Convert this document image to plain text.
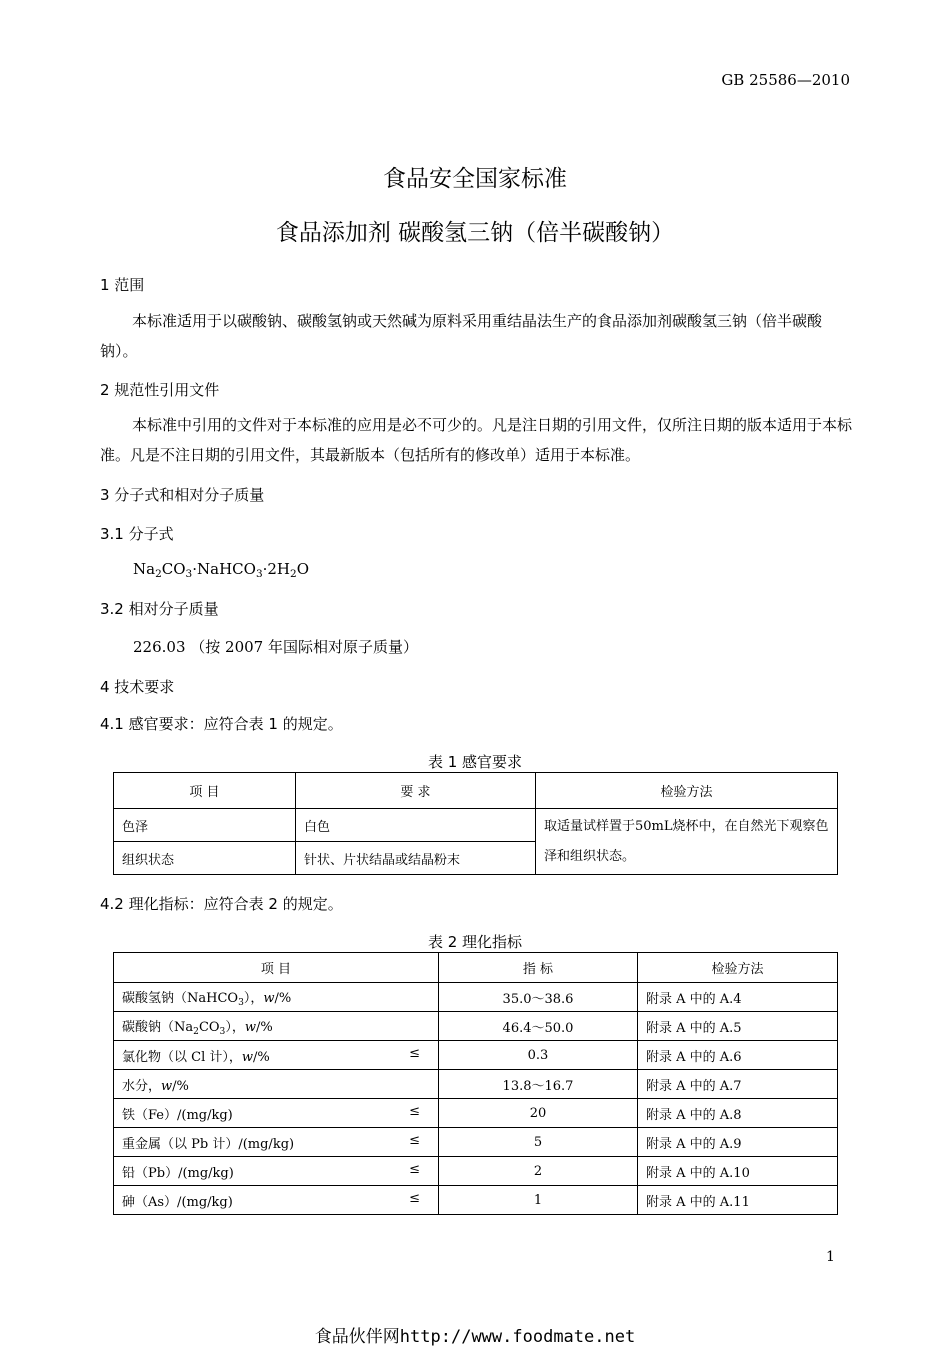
GB 25586—2010
食品安全国家标准
食品添加剂 碳酸氢三钠（倍半碳酸钠）
1 范围
本标准适用于以碳酸钠、碳酸氢钠或天然碱为原料采用重结晶法生产的食品添加剂碳酸氢三钠（倍半碳酸钠）。
2 规范性引用文件
本标准中引用的文件对于本标准的应用是必不可少的。凡是注日期的引用文件，仅所注日期的版本适用于本标准。凡是不注日期的引用文件，其最新版本（包括所有的修改单）适用于本标准。
3 分子式和相对分子质量
3.1 分子式
$Na_2CO_3\cdot NaHCO_3\cdot 2H_2O$
3.2 相对分子质量
226.03 （按 2007 年国际相对原子质量）
4 技术要求
4.1 感官要求：应符合表 1 的规定。
表 1 感官要求
项 目	要 求	检验方法
色泽	白色	取适量试样置于50mL烧杯中，在自然光下观察色泽和组织状态。
组织状态	针状、片状结晶或结晶粉末	
4.2 理化指标：应符合表 2 的规定。
表 2 理化指标
项 目	指 标	检验方法
碳酸氢钠（NaHCO$_3$），w/%	35.0～38.6	附录 A 中的 A.4
碳酸钠$(Na_2CO_3)$，w/%	46.4～50.0	附录 A 中的 A.5
氯化物（以 Cl 计），w/% ≤	0.3	附录 A 中的 A.6
水分，w/%	13.8～16.7	附录 A 中的 A.7
铁（Fe）/(mg/kg) ≤	20	附录 A 中的 A.8
重金属（以 Pb 计）/(mg/kg) ≤	5	附录 A 中的 A.9
铅（Pb）/(mg/kg) ≤	2	附录 A 中的 A.10
砷（As）/(mg/kg) ≤	1	附录 A 中的 A.11
1
食品伙伴网http://www.foodmate.net
